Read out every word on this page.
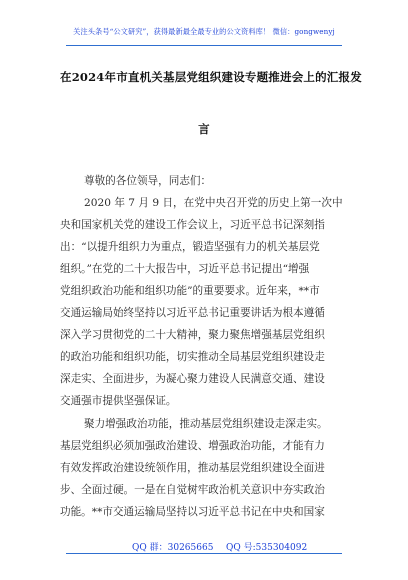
关注头条号“公文研究”，获得最新最全最专业的公文资料库！ 微信：gongwenyj
在2024年市直机关基层党组织建设专题推进会上的汇报发
言
尊敬的各位领导，同志们：
2020 年 7 月 9 日，在党中央召开党的历史上第一次中
央和国家机关党的建设工作会议上，习近平总书记深刻指
出：“以提升组织力为重点，锻造坚强有力的机关基层党
组织。”在党的二十大报告中，习近平总书记提出“增强
党组织政治功能和组织功能”的重要要求。近年来，**市
交通运输局始终坚持以习近平总书记重要讲话为根本遵循
深入学习贯彻党的二十大精神，聚力聚焦增强基层党组织
的政治功能和组织功能，切实推动全局基层党组织建设走
深走实、全面进步，为凝心聚力建设人民满意交通、建设
交通强市提供坚强保证。
聚力增强政治功能，推动基层党组织建设走深走实。
基层党组织必须加强政治建设、增强政治功能，才能有力
有效发挥政治建设统领作用，推动基层党组织建设全面进
步、全面过硬。一是在自觉树牢政治机关意识中夯实政治
功能。**市交通运输局坚持以习近平总书记在中央和国家
QQ 群：30265665 QQ 号:535304092
